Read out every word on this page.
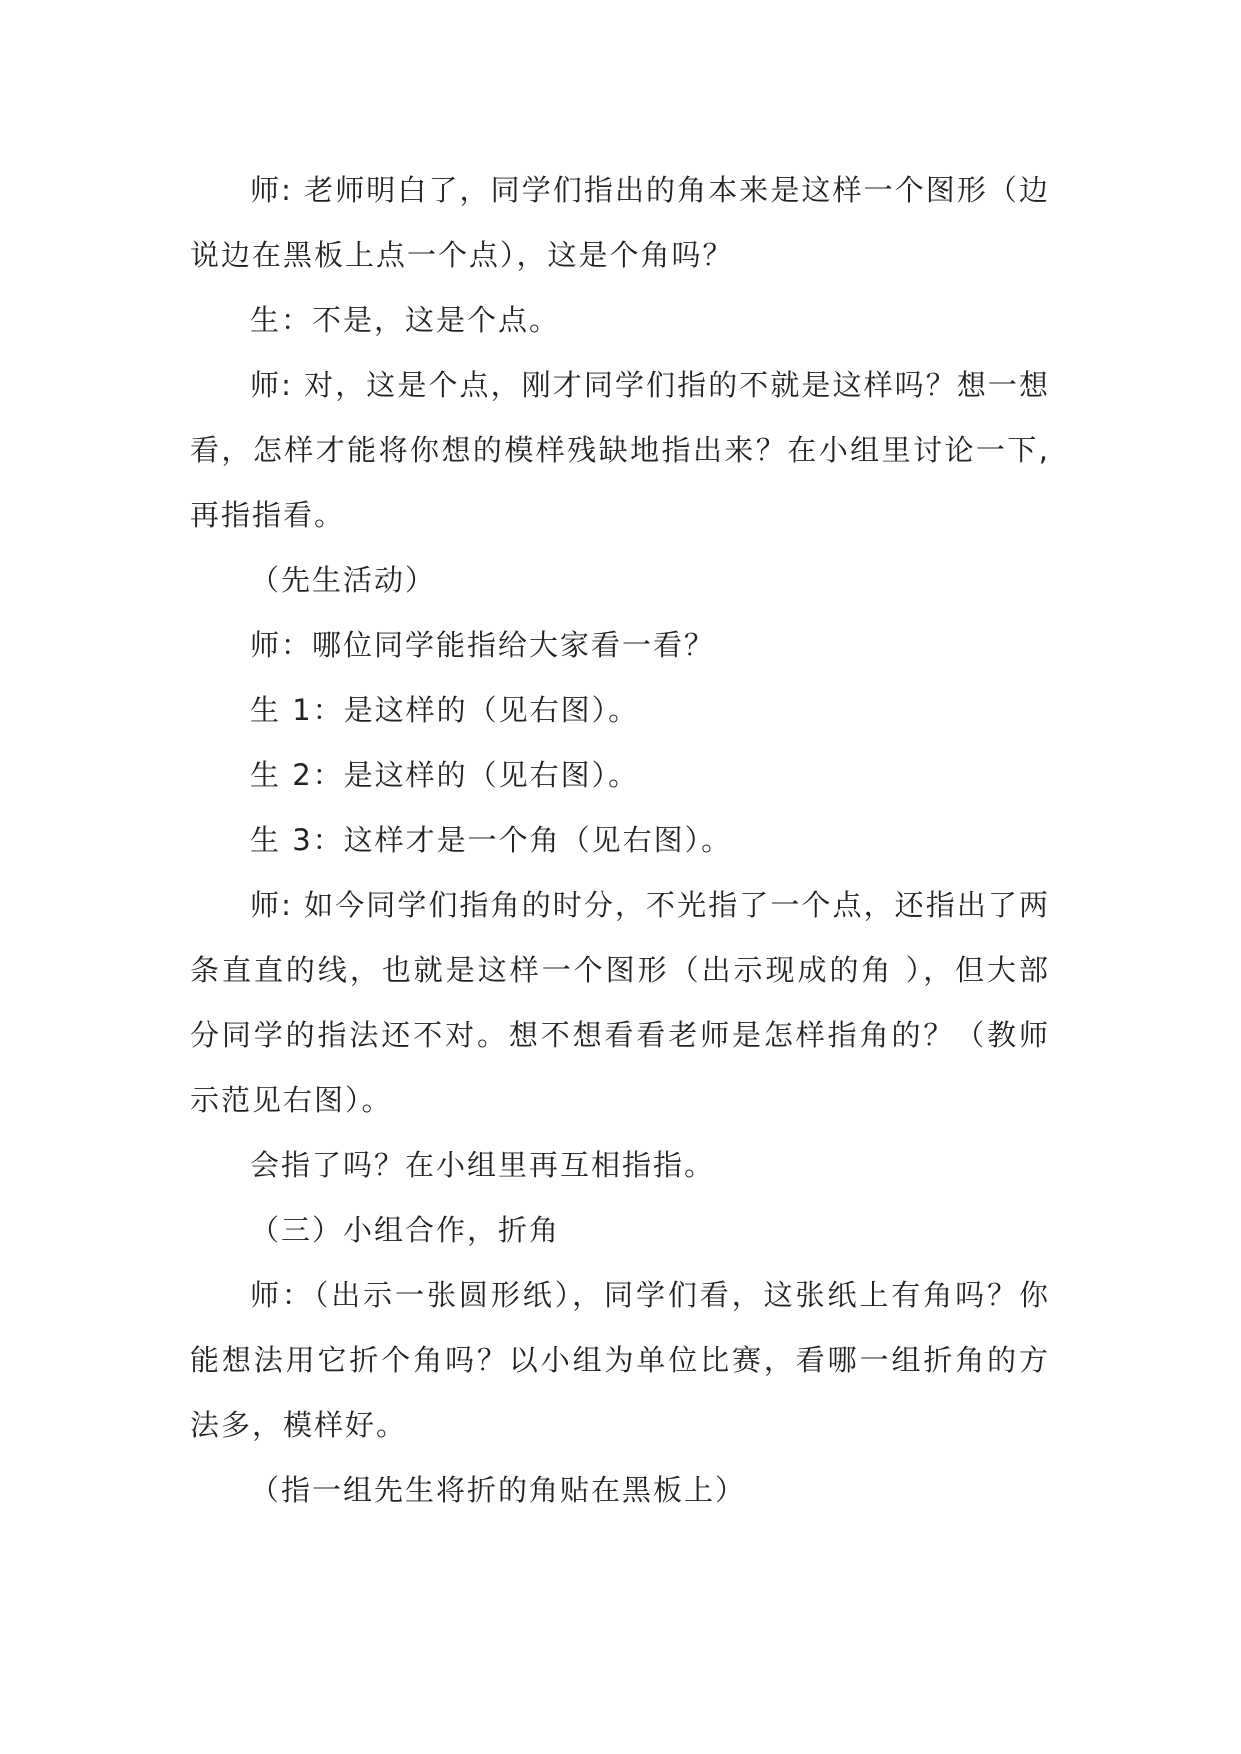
师: 老师明白了，同学们指出的角本来是这样一个图形（边说边在黑板上点一个点），这是个角吗？

生：不是，这是个点。

师: 对，这是个点，刚才同学们指的不就是这样吗？想一想看，怎样才能将你想的模样残缺地指出来？在小组里讨论一下,再指指看。

（先生活动）

师：哪位同学能指给大家看一看？

生 1：是这样的（见右图）。

生 2：是这样的（见右图）。

生 3：这样才是一个角（见右图）。

师: 如今同学们指角的时分，不光指了一个点，还指出了两条直直的线，也就是这样一个图形（出示现成的角 ），但大部分同学的指法还不对。想不想看看老师是怎样指角的？（教师示范见右图）。

会指了吗？在小组里再互相指指。

（三）小组合作，折角

师：（出示一张圆形纸），同学们看，这张纸上有角吗？你能想法用它折个角吗？以小组为单位比赛，看哪一组折角的方法多，模样好。

（指一组先生将折的角贴在黑板上）
